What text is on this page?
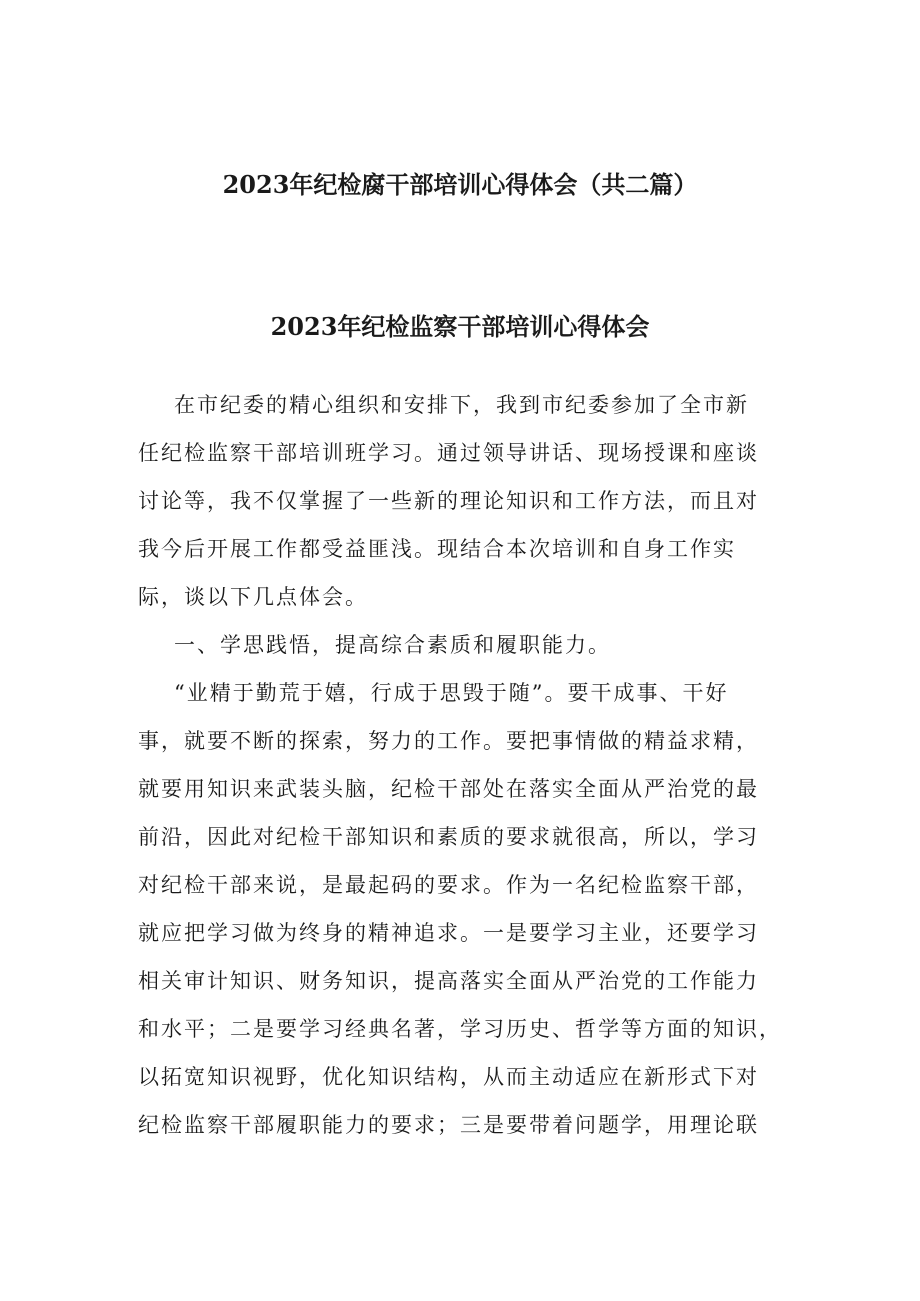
2023年纪检腐干部培训心得体会（共二篇）
2023年纪检监察干部培训心得体会
在市纪委的精心组织和安排下，我到市纪委参加了全市新
任纪检监察干部培训班学习。通过领导讲话、现场授课和座谈
讨论等，我不仅掌握了一些新的理论知识和工作方法，而且对
我今后开展工作都受益匪浅。现结合本次培训和自身工作实
际，谈以下几点体会。
一、学思践悟，提高综合素质和履职能力。
“业精于勤荒于嬉，行成于思毁于随”。要干成事、干好
事，就要不断的探索，努力的工作。要把事情做的精益求精，
就要用知识来武装头脑，纪检干部处在落实全面从严治党的最
前沿，因此对纪检干部知识和素质的要求就很高，所以，学习
对纪检干部来说，是最起码的要求。作为一名纪检监察干部，
就应把学习做为终身的精神追求。一是要学习主业，还要学习
相关审计知识、财务知识，提高落实全面从严治党的工作能力
和水平；二是要学习经典名著，学习历史、哲学等方面的知识，
以拓宽知识视野，优化知识结构，从而主动适应在新形式下对
纪检监察干部履职能力的要求；三是要带着问题学，用理论联
